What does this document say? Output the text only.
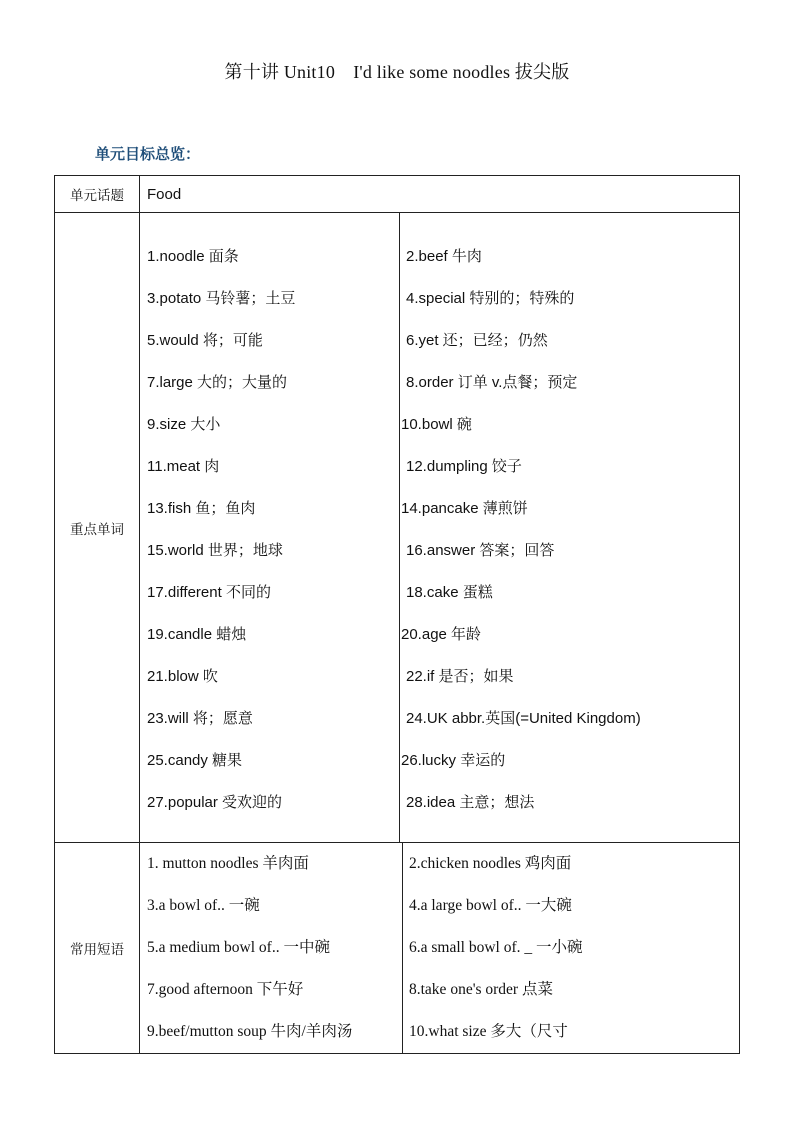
第十讲 Unit10　I'd like some noodles 拔尖版
单元目标总览：
单元话题	Food
重点单词
1.noodle 面条
3.potato 马铃薯；土豆
5.would 将；可能
7.large 大的；大量的
9.size 大小
11.meat 肉
13.fish 鱼；鱼肉
15.world 世界；地球
17.different 不同的
19.candle 蜡烛
21.blow 吹
23.will 将；愿意
25.candy 糖果
27.popular 受欢迎的
2.beef 牛肉
4.special 特别的；特殊的
6.yet 还；已经；仍然
8.order 订单 v.点餐；预定
10.bowl 碗
12.dumpling 饺子
14.pancake 薄煎饼
16.answer 答案；回答
18.cake 蛋糕
20.age 年龄
22.if 是否；如果
24.UK abbr.英国(=United Kingdom)
26.lucky 幸运的
28.idea 主意；想法
常用短语
1. mutton noodles 羊肉面
3.a bowl of.. 一碗
5.a medium bowl of.. 一中碗
7.good afternoon 下午好
9.beef/mutton soup 牛肉/羊肉汤
2.chicken noodles 鸡肉面
4.a large bowl of.. 一大碗
6.a small bowl of. _ 一小碗
8.take one's order 点菜
10.what size 多大（尺寸
